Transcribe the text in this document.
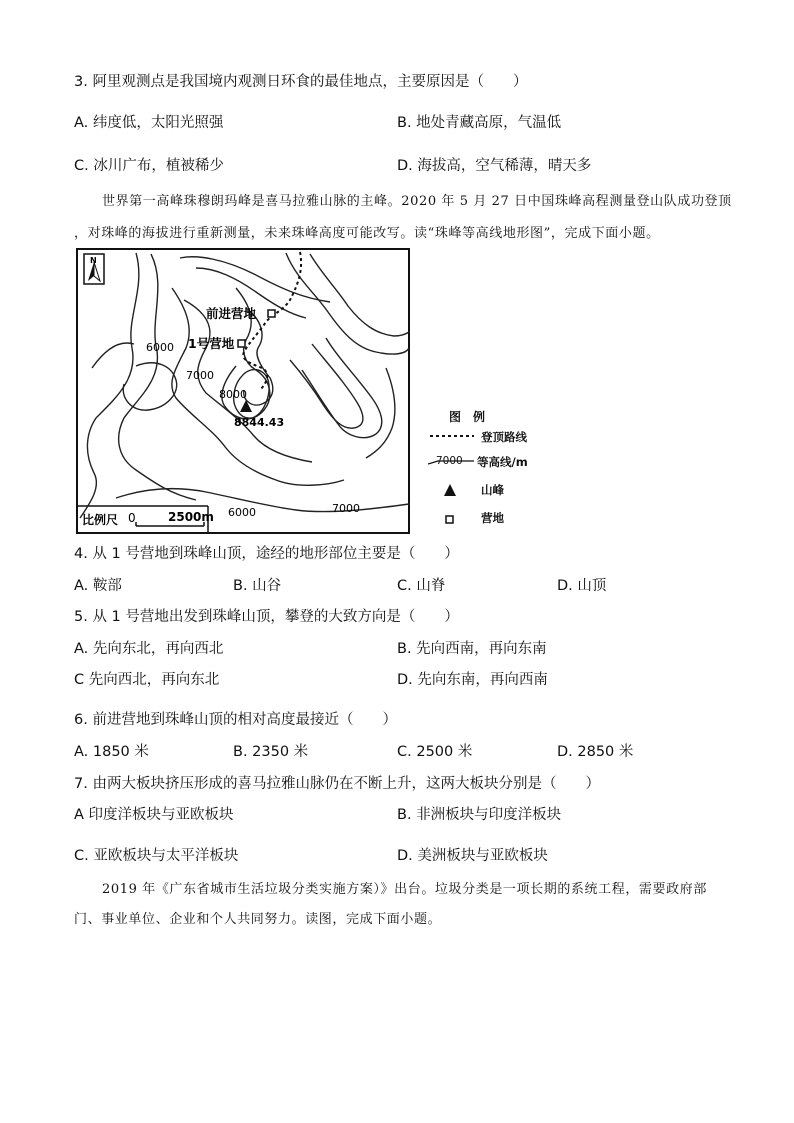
3. 阿里观测点是我国境内观测日环食的最佳地点，主要原因是（　　）
A. 纬度低，太阳光照强	B. 地处青藏高原，气温低
C. 冰川广布，植被稀少	D. 海拔高，空气稀薄，晴天多
世界第一高峰珠穆朗玛峰是喜马拉雅山脉的主峰。2020 年 5 月 27 日中国珠峰高程测量登山队成功登顶
，对珠峰的海拔进行重新测量，未来珠峰高度可能改写。读“珠峰等高线地形图”，完成下面小题。
N
前进营地
1号营地
6000
7000
8000
8844.43
6000	7000
比例尺 0	2500m
图　例
登顶路线
7000 等高线/m
山峰
营地
4. 从 1 号营地到珠峰山顶，途经的地形部位主要是（　　）
A. 鞍部	B. 山谷	C. 山脊	D. 山顶
5. 从 1 号营地出发到珠峰山顶，攀登的大致方向是（　　）
A. 先向东北，再向西北	B. 先向西南，再向东南
C 先向西北，再向东北	D. 先向东南，再向西南
6. 前进营地到珠峰山顶的相对高度最接近（　　）
A. 1850 米	B. 2350 米	C. 2500 米	D. 2850 米
7. 由两大板块挤压形成的喜马拉雅山脉仍在不断上升，这两大板块分别是（　　）
A 印度洋板块与亚欧板块	B. 非洲板块与印度洋板块
C. 亚欧板块与太平洋板块	D. 美洲板块与亚欧板块
2019 年《广东省城市生活垃圾分类实施方案）》出台。垃圾分类是一项长期的系统工程，需要政府部
门、事业单位、企业和个人共同努力。读图，完成下面小题。
